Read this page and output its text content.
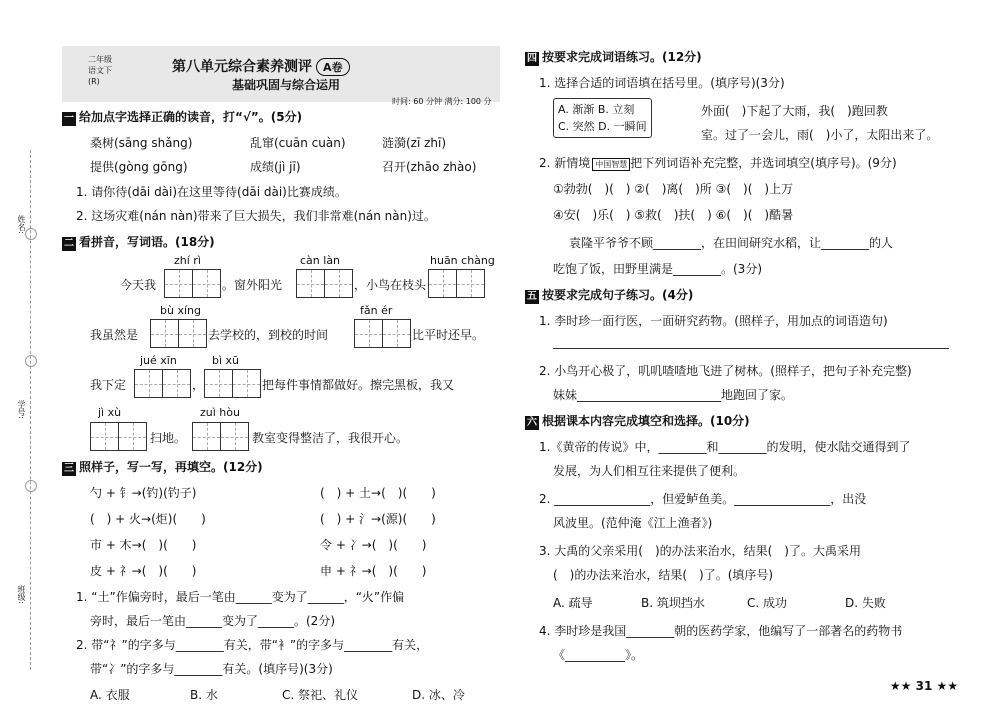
姓名:
学号:
班级:
二年级
语文下
(R)
第八单元综合素养测评 A卷
基础巩固与综合运用
时间: 60 分钟 满分: 100 分
一 给加点字选择正确的读音，打“√”。(5分)
桑树(sāng shǎng)	乱窜(cuān cuàn)	涟漪(zī zhī)
提供(gòng gōng)	成绩(jì jī)	召开(zhāo zhào)
1. 请你待(dāi dài)在这里等待(dāi dài)比赛成绩。
2. 这场灾难(nán nàn)带来了巨大损失，我们非常难(nán nàn)过。
二 看拼音，写词语。(18分)
zhí rì	càn làn	huān chàng
今天我	。窗外阳光	，小鸟在枝头
bù xíng	fǎn ér
我虽然是	去学校的，到校的时间	比平时还早。
jué xīn	bì xū
我下定	，	把每件事情都做好。擦完黑板，我又
jì xù	zuì hòu
扫地。	教室变得整洁了，我很开心。
三 照样子，写一写，再填空。(12分)
勺 + 钅→(钓)(钓子)	(　) + 土→(　)(　　)
(　) + 火→(炬)(　　)	(　) + 氵→(源)(　　)
市 + 木→(　)(　　)	令 + 冫→(　)(　　)
皮 + 礻→(　)(　　)	申 + 礻→(　)(　　)
1. “土”作偏旁时，最后一笔由______变为了______，“火”作偏
旁时，最后一笔由______变为了______。(2分)
2. 带“礻”的字多与________有关，带“衤”的字多与________有关，
带“冫”的字多与________有关。(填序号)(3分)
A. 衣服	B. 水	C. 祭祀、礼仪	D. 冰、冷
四 按要求完成词语练习。(12分)
1. 选择合适的词语填在括号里。(填序号)(3分)
A. 渐渐 B. 立刻
C. 突然 D. 一瞬间
外面(　)下起了大雨，我(　)跑回教
室。过了一会儿，雨(　)小了，太阳出来了。
2. 新情境 中国智慧 把下列词语补充完整，并选词填空(填序号)。(9分)
①勃勃(　)(　) ②(　)离(　)所 ③(　)(　)上万
④安(　)乐(　) ⑤救(　)扶(　) ⑥(　)(　)酷暑
袁隆平爷爷不顾________，在田间研究水稻，让________的人
吃饱了饭，田野里满是________。(3分)
五 按要求完成句子练习。(4分)
1. 李时珍一面行医，一面研究药物。(照样子，用加点的词语造句)
2. 小鸟开心极了，叽叽喳喳地飞进了树林。(照样子，把句子补充完整)
妹妹________________________地跑回了家。
六 根据课本内容完成填空和选择。(10分)
1.《黄帝的传说》中，________和________的发明，使水陆交通得到了
发展，为人们相互往来提供了便利。
2. ________________，但爱鲈鱼美。________________，出没
风波里。(范仲淹《江上渔者》)
3. 大禹的父亲采用(　)的办法来治水，结果(　)了。大禹采用
(　)的办法来治水，结果(　)了。(填序号)
A. 疏导	B. 筑坝挡水	C. 成功	D. 失败
4. 李时珍是我国________朝的医药学家，他编写了一部著名的药物书
《__________》。
★★ 31 ★★
